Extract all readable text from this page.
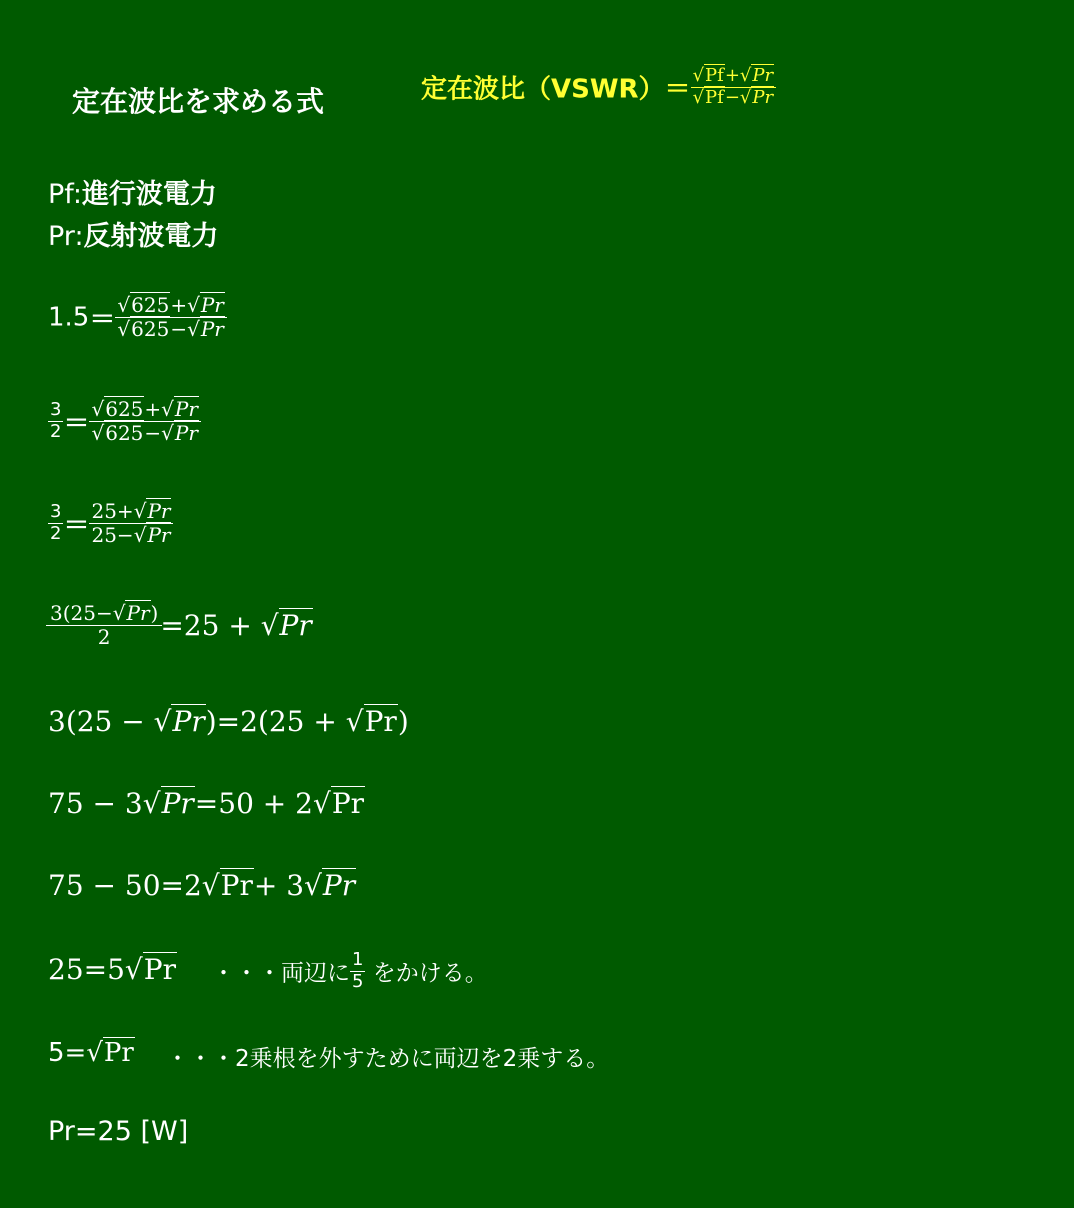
定在波比を求める式	定在波比（VSWR）＝ $\frac{√Pf+√Pr}{√Pf-√Pr}$
Pf:進行波電力
Pr:反射波電力
$1.5= \frac{√625+√Pr}{√625-√Pr}$
$\frac{3}{2} = \frac{√625+√Pr}{√625-√Pr}$
$\frac{3}{2} = \frac{25+√Pr}{25-√Pr}$
$\frac{3(25-√Pr)}{2} =25 + √Pr$
3(25 − √Pr)=2(25 + √Pr)
75 − 3√Pr=50 + 2√Pr
75 − 50=2√Pr+ 3√Pr
25=5√Pr ・・・両辺に $\frac{1}{5}$ をかける。
5=√Pr ・・・2乗根を外すために両辺を2乗する。
Pr=25 [W]
